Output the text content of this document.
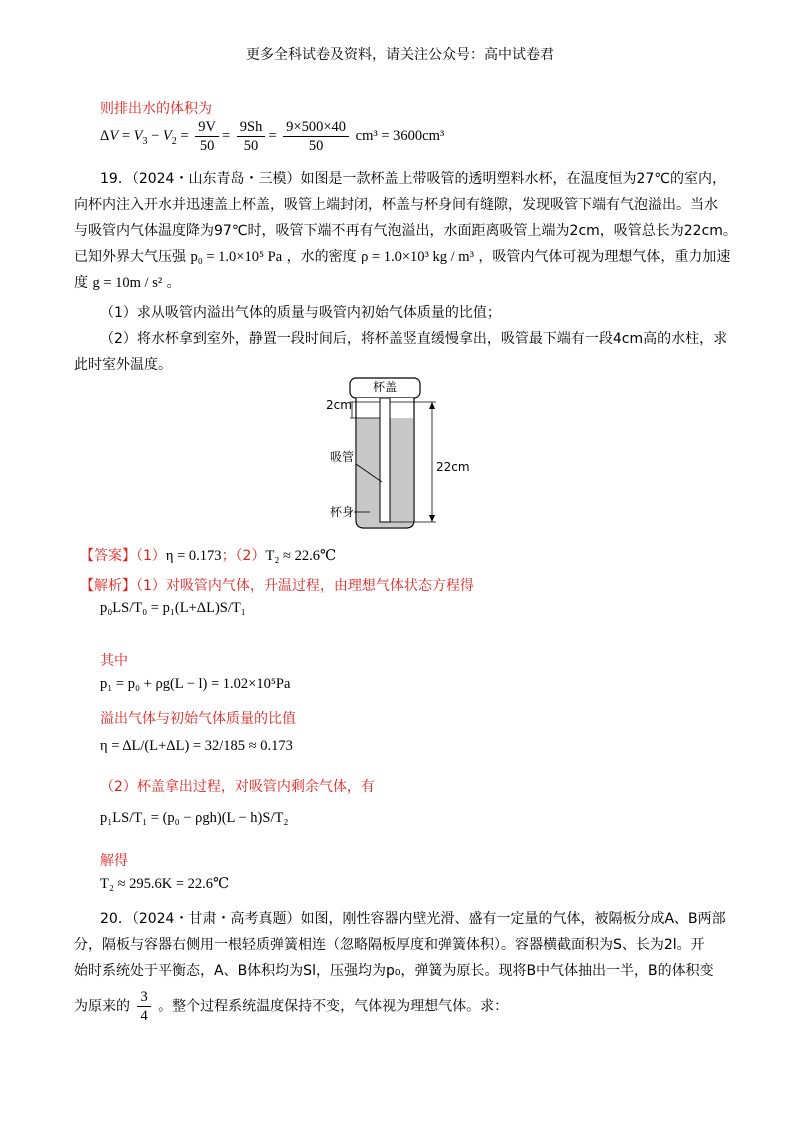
更多全科试卷及资料，请关注公众号：高中试卷君
则排出水的体积为
$\Delta V = V_3 - V_2 = \frac{9V}{50} = \frac{9Sh}{50} = \frac{9\times 500\times 40}{50} cm^3 = 3600cm^3$
19．（2024・山东青岛・三模）如图是一款杯盖上带吸管的透明塑料水杯，在温度恒为27℃的室内，
向杯内注入开水并迅速盖上杯盖，吸管上端封闭，杯盖与杯身间有缝隙，发现吸管下端有气泡溢出。当水
与吸管内气体温度降为97℃时，吸管下端不再有气泡溢出，水面距离吸管上端为2cm，吸管总长为22cm。
已知外界大气压强 p₀ = 1.0×10⁵ Pa ，水的密度 ρ = 1.0×10³ kg / m³ ，吸管内气体可视为理想气体，重力加速
度 g = 10m / s² 。
（1）求从吸管内溢出气体的质量与吸管内初始气体质量的比值；
（2）将水杯拿到室外，静置一段时间后，将杯盖竖直缓慢拿出，吸管最下端有一段4cm高的水柱，求
此时室外温度。
杯盖
2cm
吸管
22cm
杯身
【答案】（1）η = 0.173；（2）T₂ ≈ 22.6℃
【解析】（1）对吸管内气体，升温过程，由理想气体状态方程得
p₀LS/T₀ = p₁(L+ΔL)S/T₁
其中
p₁ = p₀ + ρg(L − l) = 1.02×10⁵Pa
溢出气体与初始气体质量的比值
η = ΔL/(L+ΔL) = 32/185 ≈ 0.173
（2）杯盖拿出过程，对吸管内剩余气体，有
p₁LS/T₁ = (p₀ − ρgh)(L − h)S/T₂
解得
T₂ ≈ 295.6K = 22.6℃
20．（2024・甘肃・高考真题）如图，刚性容器内壁光滑、盛有一定量的气体，被隔板分成A、B两部
分，隔板与容器右侧用一根轻质弹簧相连（忽略隔板厚度和弹簧体积）。容器横截面积为S、长为2l。开
始时系统处于平衡态，A、B体积均为Sl，压强均为p₀，弹簧为原长。现将B中气体抽出一半，B的体积变
为原来的 $\frac{3}{4}$ 。整个过程系统温度保持不变，气体视为理想气体。求：
